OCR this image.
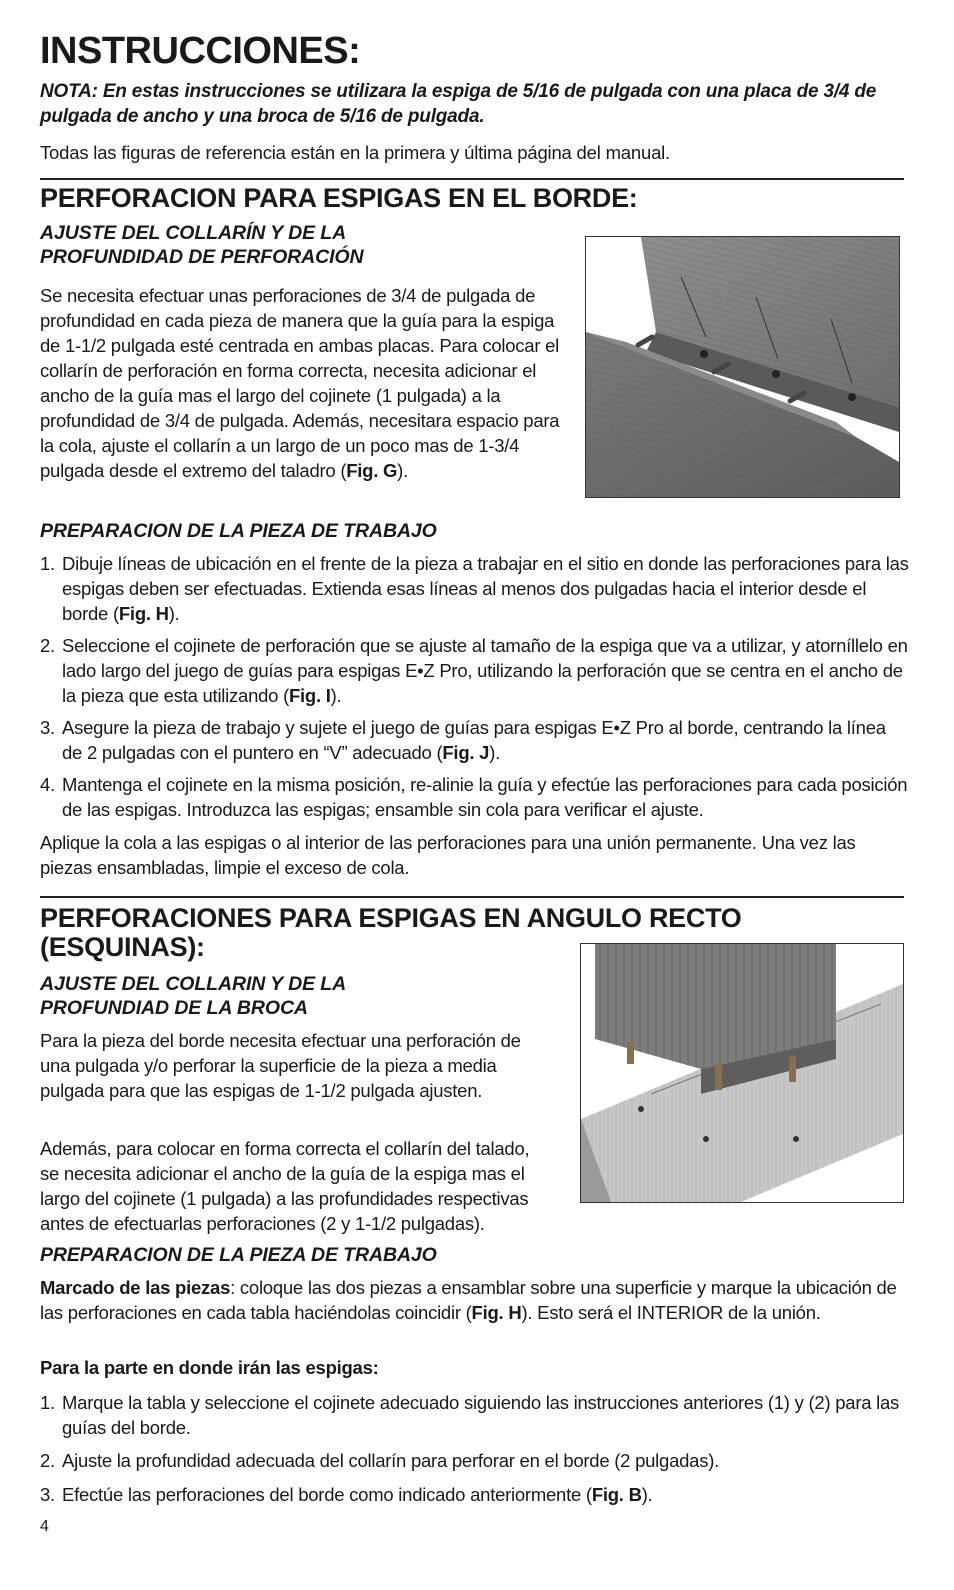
INSTRUCCIONES:
NOTA: En estas instrucciones se utilizara la espiga de 5/16 de pulgada con una placa de 3/4 de pulgada de ancho y una broca de 5/16 de pulgada.
Todas las figuras de referencia están en la primera y última página del manual.
PERFORACION PARA ESPIGAS EN EL BORDE:
AJUSTE DEL COLLARÍN Y DE LA PROFUNDIDAD DE PERFORACIÓN
Se necesita efectuar unas perforaciones de 3/4 de pulgada de profundidad en cada pieza de manera que la guía para la espiga de 1-1/2 pulgada esté centrada en ambas placas. Para colocar el collarín de perforación en forma correcta, necesita adicionar el ancho de la guía mas el largo del cojinete (1 pulgada) a la profundidad de 3/4 de pulgada. Además, necesitara espacio para la cola, ajuste el collarín a un largo de un poco mas de 1-3/4 pulgada desde el extremo del taladro (Fig. G).
PREPARACION DE LA PIEZA DE TRABAJO
1. Dibuje líneas de ubicación en el frente de la pieza a trabajar en el sitio en donde las perforaciones para las espigas deben ser efectuadas. Extienda esas líneas al menos dos pulgadas hacia el interior desde el borde (Fig. H).
2. Seleccione el cojinete de perforación que se ajuste al tamaño de la espiga que va a utilizar, y atorníllelo en lado largo del juego de guías para espigas E•Z Pro, utilizando la perforación que se centra en el ancho de la pieza que esta utilizando (Fig. I).
3. Asegure la pieza de trabajo y sujete el juego de guías para espigas E•Z Pro al borde, centrando la línea de 2 pulgadas con el puntero en “V” adecuado (Fig. J).
4. Mantenga el cojinete en la misma posición, re-alinie la guía y efectúe las perforaciones para cada posición de las espigas. Introduzca las espigas; ensamble sin cola para verificar el ajuste.
Aplique la cola a las espigas o al interior de las perforaciones para una unión permanente. Una vez las piezas ensambladas, limpie el exceso de cola.
PERFORACIONES PARA ESPIGAS EN ANGULO RECTO (ESQUINAS):
AJUSTE DEL COLLARIN Y DE LA PROFUNDIAD DE LA BROCA
Para la pieza del borde necesita efectuar una perforación de una pulgada y/o perforar la superficie de la pieza a media pulgada para que las espigas de 1-1/2 pulgada ajusten.
Además, para colocar en forma correcta el collarín del talado, se necesita adicionar el ancho de la guía de la espiga mas el largo del cojinete (1 pulgada) a las profundidades respectivas antes de efectuarlas perforaciones (2 y 1-1/2 pulgadas).
PREPARACION DE LA PIEZA DE TRABAJO
Marcado de las piezas: coloque las dos piezas a ensamblar sobre una superficie y marque la ubicación de las perforaciones en cada tabla haciéndolas coincidir (Fig. H). Esto será el INTERIOR de la unión.
Para la parte en donde irán las espigas:
1. Marque la tabla y seleccione el cojinete adecuado siguiendo las instrucciones anteriores (1) y (2) para las guías del borde.
2. Ajuste la profundidad adecuada del collarín para perforar en el borde (2 pulgadas).
3. Efectúe las perforaciones del borde como indicado anteriormente (Fig. B).
4
